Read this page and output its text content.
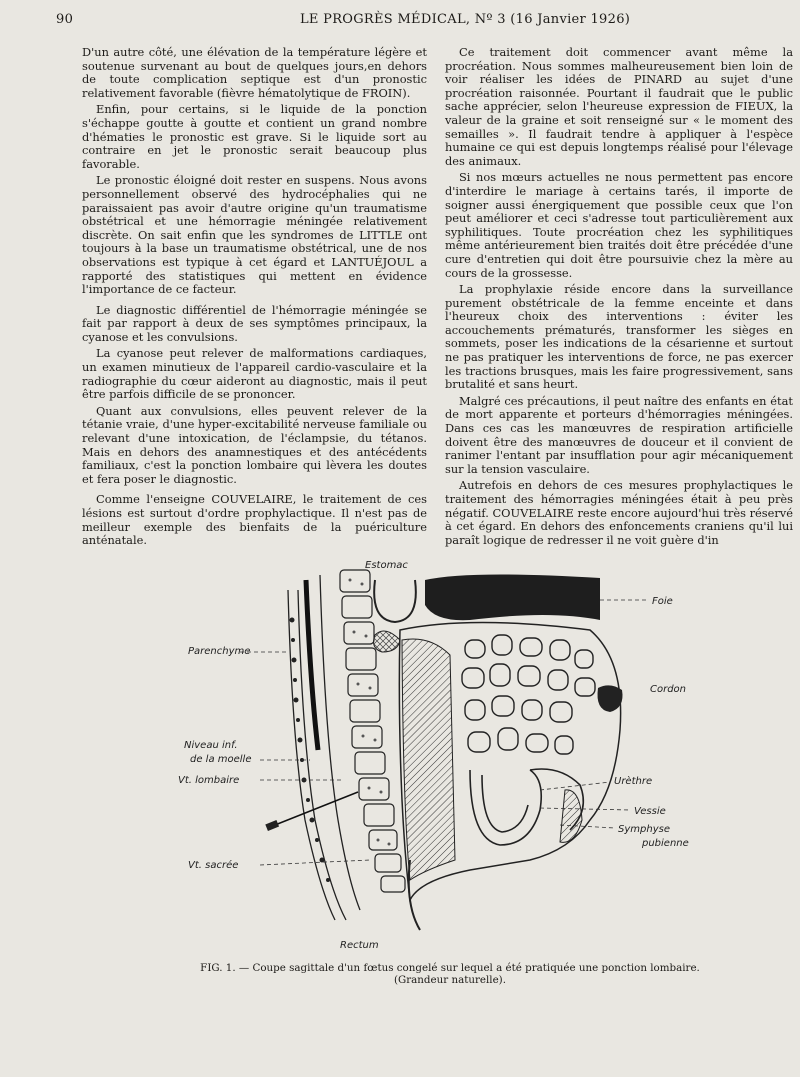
90	LE PROGRÈS MÉDICAL, Nº 3 (16 Janvier 1926)

D'un autre côté, une élévation de la température légère et soutenue survenant au bout de quelques jours,en dehors de toute complication septique est d'un pronostic relativement favorable (fièvre hématolytique de FROIN).

Enfin, pour certains, si le liquide de la ponction s'échappe goutte à goutte et contient un grand nombre d'hématies le pronostic est grave. Si le liquide sort au contraire en jet le pronostic serait beaucoup plus favorable.

Le pronostic éloigné doit rester en suspens. Nous avons personnellement observé des hydrocéphalies qui ne paraissaient pas avoir d'autre origine qu'un traumatisme obstétrical et une hémorragie méningée relativement discrète. On sait enfin que les syndromes de LITTLE ont toujours à la base un traumatisme obstétrical, une de nos observations est typique à cet égard et LANTUÉJOUL a rapporté des statistiques qui mettent en évidence l'importance de ce facteur.

Le diagnostic différentiel de l'hémorragie méningée se fait par rapport à deux de ses symptômes principaux, la cyanose et les convulsions.

La cyanose peut relever de malformations cardiaques, un examen minutieux de l'appareil cardio-vasculaire et la radiographie du cœur aideront au diagnostic, mais il peut être parfois difficile de se prononcer.

Quant aux convulsions, elles peuvent relever de la tétanie vraie, d'une hyper-excitabilité nerveuse familiale ou relevant d'une intoxication, de l'éclampsie, du tétanos. Mais en dehors des anamnestiques et des antécédents familiaux, c'est la ponction lombaire qui lèvera les doutes et fera poser le diagnostic.

Comme l'enseigne COUVELAIRE, le traitement de ces lésions est surtout d'ordre prophylactique. Il n'est pas de meilleur exemple des bienfaits de la puériculture anténatale.

Ce traitement doit commencer avant même la procréation. Nous sommes malheureusement bien loin de voir réaliser les idées de PINARD au sujet d'une procréation raisonnée. Pourtant il faudrait que le public sache apprécier, selon l'heureuse expression de FIEUX, la valeur de la graine et soit renseigné sur « le moment des semailles ». Il faudrait tendre à appliquer à l'espèce humaine ce qui est depuis longtemps réalisé pour l'élevage des animaux.

Si nos mœurs actuelles ne nous permettent pas encore d'interdire le mariage à certains tarés, il importe de soigner aussi énergiquement que possible ceux que l'on peut améliorer et ceci s'adresse tout particulièrement aux syphilitiques. Toute procréation chez les syphilitiques même antérieurement bien traités doit être précédée d'une cure d'entretien qui doit être poursuivie chez la mère au cours de la grossesse.

La prophylaxie réside encore dans la surveillance purement obstétricale de la femme enceinte et dans l'heureux choix des interventions : éviter les accouchements prématurés, transformer les sièges en sommets, poser les indications de la césarienne et surtout ne pas pratiquer les interventions de force, ne pas exercer les tractions brusques, mais les faire progressivement, sans brutalité et sans heurt.

Malgré ces précautions, il peut naître des enfants en état de mort apparente et porteurs d'hémorragies méningées. Dans ces cas les manœuvres de respiration artificielle doivent être des manœuvres de douceur et il convient de ranimer l'entant par insufflation pour agir mécaniquement sur la tension vasculaire.

Autrefois en dehors de ces mesures prophylactiques le traitement des hémorragies méningées était à peu près négatif. COUVELAIRE reste encore aujourd'hui très réservé à cet égard. En dehors des enfoncements craniens qu'il lui paraît logique de redresser il ne voit guère d'in

Estomac
Foie
Parenchyme
Cordon
Niveau inf.
de la moelle
Vt. lombaire	Urèthre
Vessie
Symphyse
pubienne
Vt. sacrée
Rectum
FIG. 1. — Coupe sagittale d'un fœtus congelé sur lequel a été pratiquée une ponction lombaire.
(Grandeur naturelle).
